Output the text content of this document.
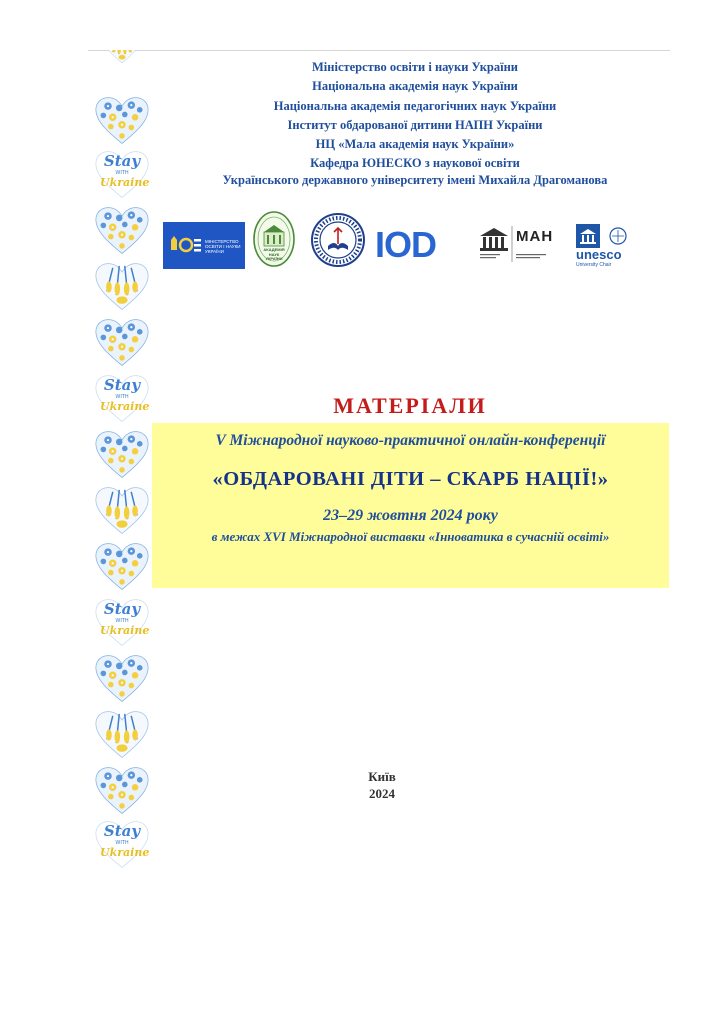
Stay
WITH
Ukraine
Stay
WITH
Ukraine
Stay
WITH
Ukraine
Stay
WITH
Ukraine
Міністерство освіти і науки України
Національна академія наук України
Національна академія педагогічних наук України
Інститут обдарованої дитини НАПН України
НЦ «Мала академія наук України»
Кафедра ЮНЕСКО з наукової освіти
Українського державного університету імені Михайла Драгоманова
МІНІСТЕРСТВО ОСВІТИ І НАУКИ УКРАЇНИ	АКАДЕМІЯ НАУК УКРАЇНИ	IOD	МАН
unesco
University Chair
МАТЕРІАЛИ
V Міжнародної науково-практичної онлайн-конференції
«ОБДАРОВАНІ ДІТИ – СКАРБ НАЦІЇ!»
23–29 жовтня 2024 року
в межах XVI Міжнародної виставки «Інноватика в сучасній освіті»
Київ
2024
